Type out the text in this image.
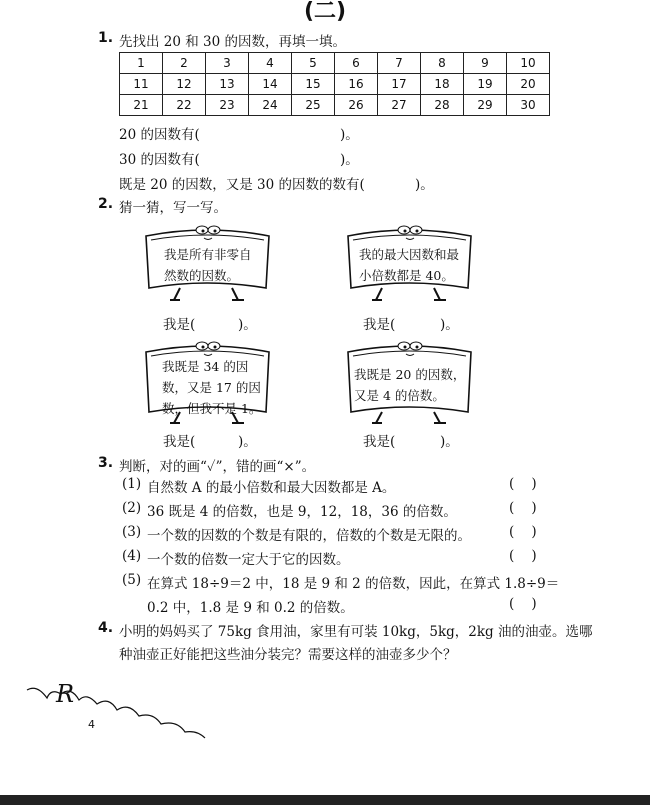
(二)
1. 先找出 20 和 30 的因数，再填一填。
1	2	3	4	5	6	7	8	9	10
11	12	13	14	15	16	17	18	19	20
21	22	23	24	25	26	27	28	29	30
20 的因数有(	)。
30 的因数有(	)。
既是 20 的因数，又是 30 的因数的数有(	)。
2. 猜一猜，写一写。
我是所有非零自
然数的因数。
我是(	)。
我的最大因数和最
小倍数都是 40。
我是(	)。
我既是 34 的因
数，又是 17 的因
数，但我不是 1。
我是(	)。
我既是 20 的因数，
又是 4 的倍数。
我是(	)。
3. 判断，对的画“✓”，错的画“×”。
(1) 自然数 A 的最小倍数和最大因数都是 A。	(    )
(2) 36 既是 4 的倍数，也是 9，12，18，36 的倍数。	(    )
(3) 一个数的因数的个数是有限的，倍数的个数是无限的。	(    )
(4) 一个数的倍数一定大于它的因数。	(    )
(5) 在算式 18÷9＝2 中，18 是 9 和 2 的倍数，因此，在算式 1.8÷9＝
0.2 中，1.8 是 9 和 0.2 的倍数。	(    )
4. 小明的妈妈买了 75kg 食用油，家里有可装 10kg，5kg，2kg 油的油壶。选哪
种油壶正好能把这些油分装完？需要这样的油壶多少个？
R
4
